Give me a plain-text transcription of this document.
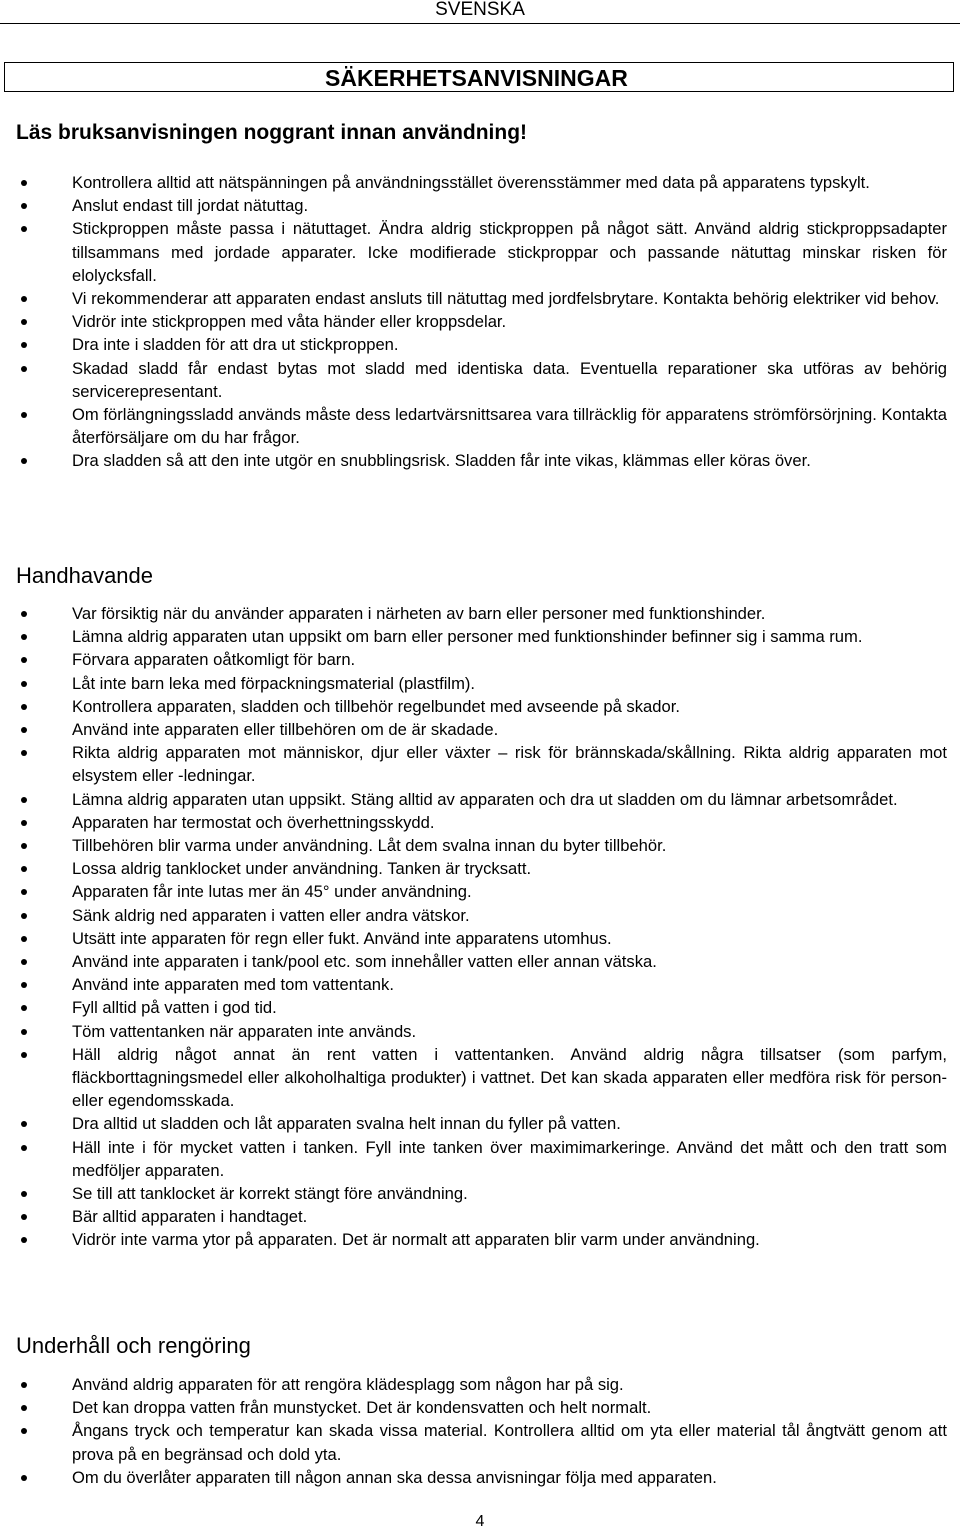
SVENSKA
SÄKERHETSANVISNINGAR
Läs bruksanvisningen noggrant innan användning!
Kontrollera alltid att nätspänningen på användningsstället överensstämmer med data på apparatens typskylt.
Anslut endast till jordat nätuttag.
Stickproppen måste passa i nätuttaget. Ändra aldrig stickproppen på något sätt. Använd aldrig stickproppsadapter tillsammans med jordade apparater. Icke modifierade stickproppar och passande nätuttag minskar risken för elolycksfall.
Vi rekommenderar att apparaten endast ansluts till nätuttag med jordfelsbrytare. Kontakta behörig elektriker vid behov.
Vidrör inte stickproppen med våta händer eller kroppsdelar.
Dra inte i sladden för att dra ut stickproppen.
Skadad sladd får endast bytas mot sladd med identiska data. Eventuella reparationer ska utföras av behörig servicerepresentant.
Om förlängningssladd används måste dess ledartvärsnittsarea vara tillräcklig för apparatens strömförsörjning. Kontakta återförsäljare om du har frågor.
Dra sladden så att den inte utgör en snubblingsrisk. Sladden får inte vikas, klämmas eller köras över.
Handhavande
Var försiktig när du använder apparaten i närheten av barn eller personer med funktionshinder.
Lämna aldrig apparaten utan uppsikt om barn eller personer med funktionshinder befinner sig i samma rum.
Förvara apparaten oåtkomligt för barn.
Låt inte barn leka med förpackningsmaterial (plastfilm).
Kontrollera apparaten, sladden och tillbehör regelbundet med avseende på skador.
Använd inte apparaten eller tillbehören om de är skadade.
Rikta aldrig apparaten mot människor, djur eller växter – risk för brännskada/skållning. Rikta aldrig apparaten mot elsystem eller -ledningar.
Lämna aldrig apparaten utan uppsikt. Stäng alltid av apparaten och dra ut sladden om du lämnar arbetsområdet.
Apparaten har termostat och överhettningsskydd.
Tillbehören blir varma under användning. Låt dem svalna innan du byter tillbehör.
Lossa aldrig tanklocket under användning. Tanken är trycksatt.
Apparaten får inte lutas mer än 45° under användning.
Sänk aldrig ned apparaten i vatten eller andra vätskor.
Utsätt inte apparaten för regn eller fukt. Använd inte apparatens utomhus.
Använd inte apparaten i tank/pool etc. som innehåller vatten eller annan vätska.
Använd inte apparaten med tom vattentank.
Fyll alltid på vatten i god tid.
Töm vattentanken när apparaten inte används.
Häll aldrig något annat än rent vatten i vattentanken. Använd aldrig några tillsatser (som parfym, fläckborttagningsmedel eller alkoholhaltiga produkter) i vattnet. Det kan skada apparaten eller medföra risk för person- eller egendomsskada.
Dra alltid ut sladden och låt apparaten svalna helt innan du fyller på vatten.
Häll inte i för mycket vatten i tanken. Fyll inte tanken över maximimarkeringe. Använd det mått och den tratt som medföljer apparaten.
Se till att tanklocket är korrekt stängt före användning.
Bär alltid apparaten i handtaget.
Vidrör inte varma ytor på apparaten. Det är normalt att apparaten blir varm under användning.
Underhåll och rengöring
Använd aldrig apparaten för att rengöra klädesplagg som någon har på sig.
Det kan droppa vatten från munstycket. Det är kondensvatten och helt normalt.
Ångans tryck och temperatur kan skada vissa material. Kontrollera alltid om yta eller material tål ångtvätt genom att prova på en begränsad och dold yta.
Om du överlåter apparaten till någon annan ska dessa anvisningar följa med apparaten.
4
